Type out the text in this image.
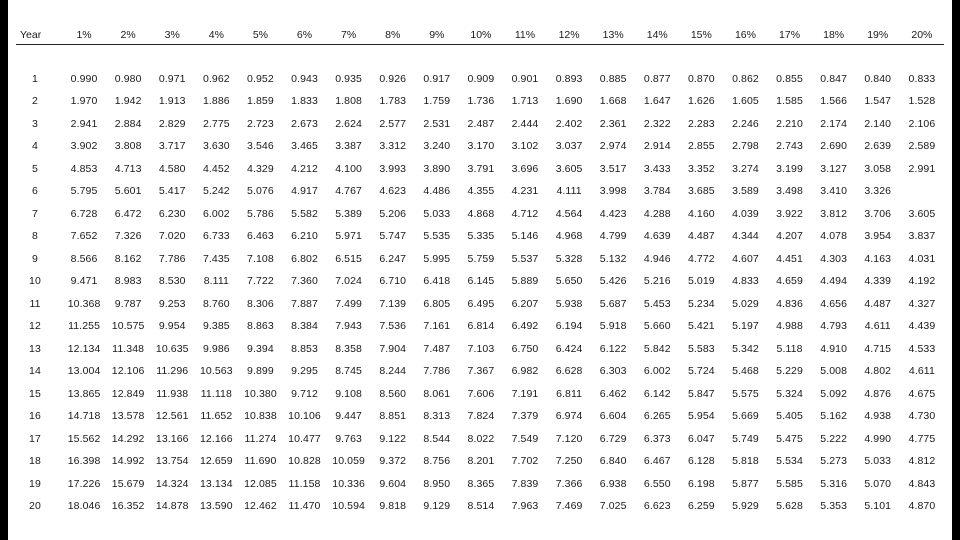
Year	1%	2%	3%	4%	5%	6%	7%	8%	9%	10%	11%	12%	13%	14%	15%	16%	17%	18%	19%	20%

1	0.990	0.980	0.971	0.962	0.952	0.943	0.935	0.926	0.917	0.909	0.901	0.893	0.885	0.877	0.870	0.862	0.855	0.847	0.840	0.833
2	1.970	1.942	1.913	1.886	1.859	1.833	1.808	1.783	1.759	1.736	1.713	1.690	1.668	1.647	1.626	1.605	1.585	1.566	1.547	1.528
3	2.941	2.884	2.829	2.775	2.723	2.673	2.624	2.577	2.531	2.487	2.444	2.402	2.361	2.322	2.283	2.246	2.210	2.174	2.140	2.106
4	3.902	3.808	3.717	3.630	3.546	3.465	3.387	3.312	3.240	3.170	3.102	3.037	2.974	2.914	2.855	2.798	2.743	2.690	2.639	2.589
5	4.853	4.713	4.580	4.452	4.329	4.212	4.100	3.993	3.890	3.791	3.696	3.605	3.517	3.433	3.352	3.274	3.199	3.127	3.058	2.991
6	5.795	5.601	5.417	5.242	5.076	4.917	4.767	4.623	4.486	4.355	4.231	4.111	3.998	3.784	3.685	3.589	3.498	3.410	3.326	
7	6.728	6.472	6.230	6.002	5.786	5.582	5.389	5.206	5.033	4.868	4.712	4.564	4.423	4.288	4.160	4.039	3.922	3.812	3.706	3.605
8	7.652	7.326	7.020	6.733	6.463	6.210	5.971	5.747	5.535	5.335	5.146	4.968	4.799	4.639	4.487	4.344	4.207	4.078	3.954	3.837
9	8.566	8.162	7.786	7.435	7.108	6.802	6.515	6.247	5.995	5.759	5.537	5.328	5.132	4.946	4.772	4.607	4.451	4.303	4.163	4.031
10	9.471	8.983	8.530	8.111	7.722	7.360	7.024	6.710	6.418	6.145	5.889	5.650	5.426	5.216	5.019	4.833	4.659	4.494	4.339	4.192
11	10.368	9.787	9.253	8.760	8.306	7.887	7.499	7.139	6.805	6.495	6.207	5.938	5.687	5.453	5.234	5.029	4.836	4.656	4.487	4.327
12	11.255	10.575	9.954	9.385	8.863	8.384	7.943	7.536	7.161	6.814	6.492	6.194	5.918	5.660	5.421	5.197	4.988	4.793	4.611	4.439
13	12.134	11.348	10.635	9.986	9.394	8.853	8.358	7.904	7.487	7.103	6.750	6.424	6.122	5.842	5.583	5.342	5.118	4.910	4.715	4.533
14	13.004	12.106	11.296	10.563	9.899	9.295	8.745	8.244	7.786	7.367	6.982	6.628	6.303	6.002	5.724	5.468	5.229	5.008	4.802	4.611
15	13.865	12.849	11.938	11.118	10.380	9.712	9.108	8.560	8.061	7.606	7.191	6.811	6.462	6.142	5.847	5.575	5.324	5.092	4.876	4.675
16	14.718	13.578	12.561	11.652	10.838	10.106	9.447	8.851	8.313	7.824	7.379	6.974	6.604	6.265	5.954	5.669	5.405	5.162	4.938	4.730
17	15.562	14.292	13.166	12.166	11.274	10.477	9.763	9.122	8.544	8.022	7.549	7.120	6.729	6.373	6.047	5.749	5.475	5.222	4.990	4.775
18	16.398	14.992	13.754	12.659	11.690	10.828	10.059	9.372	8.756	8.201	7.702	7.250	6.840	6.467	6.128	5.818	5.534	5.273	5.033	4.812
19	17.226	15.679	14.324	13.134	12.085	11.158	10.336	9.604	8.950	8.365	7.839	7.366	6.938	6.550	6.198	5.877	5.585	5.316	5.070	4.843
20	18.046	16.352	14.878	13.590	12.462	11.470	10.594	9.818	9.129	8.514	7.963	7.469	7.025	6.623	6.259	5.929	5.628	5.353	5.101	4.870
